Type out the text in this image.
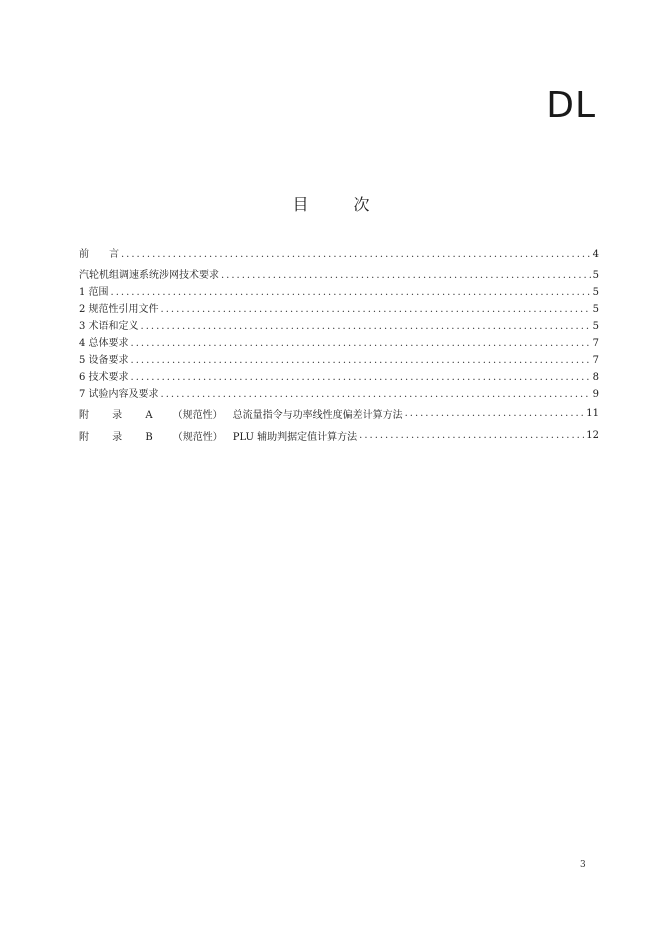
DL
目	次
前　　言 .....	4
汽轮机组调速系统涉网技术要求 .....	5
1 范围 .....	5
2 规范性引用文件 .....	5
3 术语和定义 .....	5
4 总体要求 .....	7
5 设备要求 .....	7
6 技术要求 .....	8
7 试验内容及要求 .....	9
附 录 A （规范性） 总流量指令与功率线性度偏差计算方法 .....	11
附 录 B （规范性） PLU 辅助判据定值计算方法 .....	12
3
